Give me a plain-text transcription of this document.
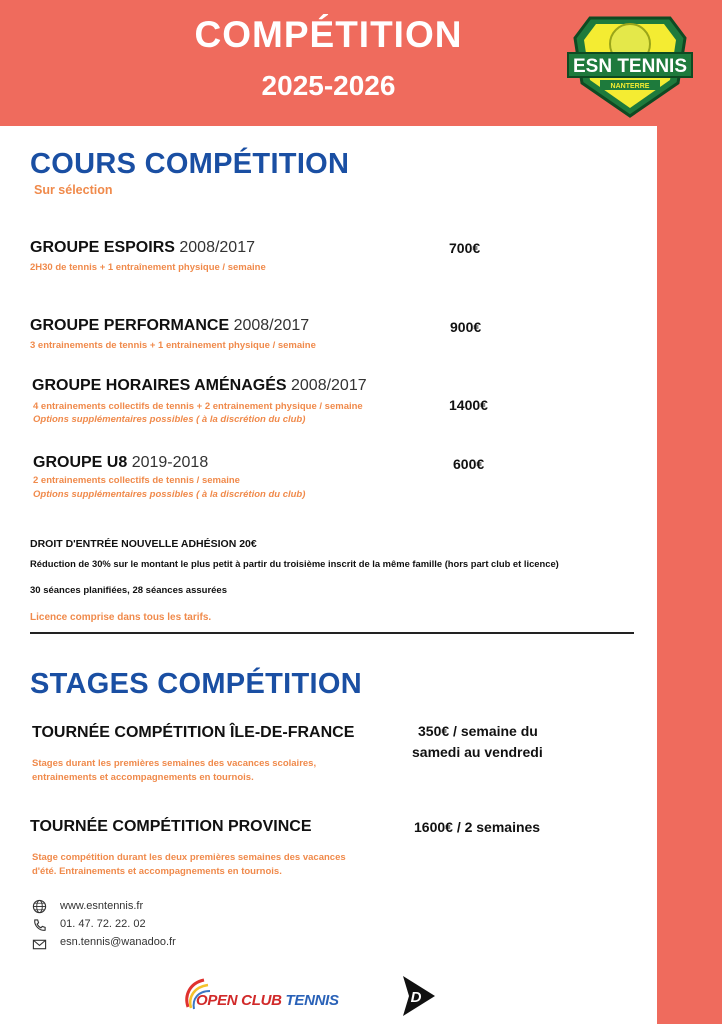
COMPÉTITION
2025-2026
ESN TENNIS
NANTERRE
COURS COMPÉTITION
Sur sélection
GROUPE ESPOIRS 2008/2017
2H30 de tennis + 1 entraînement physique / semaine
700€
GROUPE PERFORMANCE 2008/2017
3 entrainements de tennis + 1 entrainement physique / semaine
900€
GROUPE HORAIRES AMÉNAGÉS 2008/2017
4 entrainements collectifs de tennis + 2 entrainement physique / semaine
Options supplémentaires possibles ( à la discrétion du club)
1400€
GROUPE U8 2019-2018
2 entrainements collectifs de tennis / semaine
Options supplémentaires possibles ( à la discrétion du club)
600€
DROIT D'ENTRÉE NOUVELLE ADHÉSION 20€
Réduction de 30% sur le montant le plus petit à partir du troisième inscrit de la même famille (hors part club et licence)
30 séances planifiées, 28 séances assurées
Licence comprise dans tous les tarifs.
STAGES COMPÉTITION
TOURNÉE COMPÉTITION ÎLE-DE-FRANCE
Stages durant les premières semaines des vacances scolaires,
entrainements et accompagnements en tournois.
350€ / semaine du
samedi au vendredi
TOURNÉE COMPÉTITION PROVINCE
Stage compétition durant les deux premières semaines des vacances
d'été. Entrainements et accompagnements en tournois.
1600€ / 2 semaines
www.esntennis.fr
01. 47. 72. 22. 02
esn.tennis@wanadoo.fr
OPEN CLUB TENNIS	D
